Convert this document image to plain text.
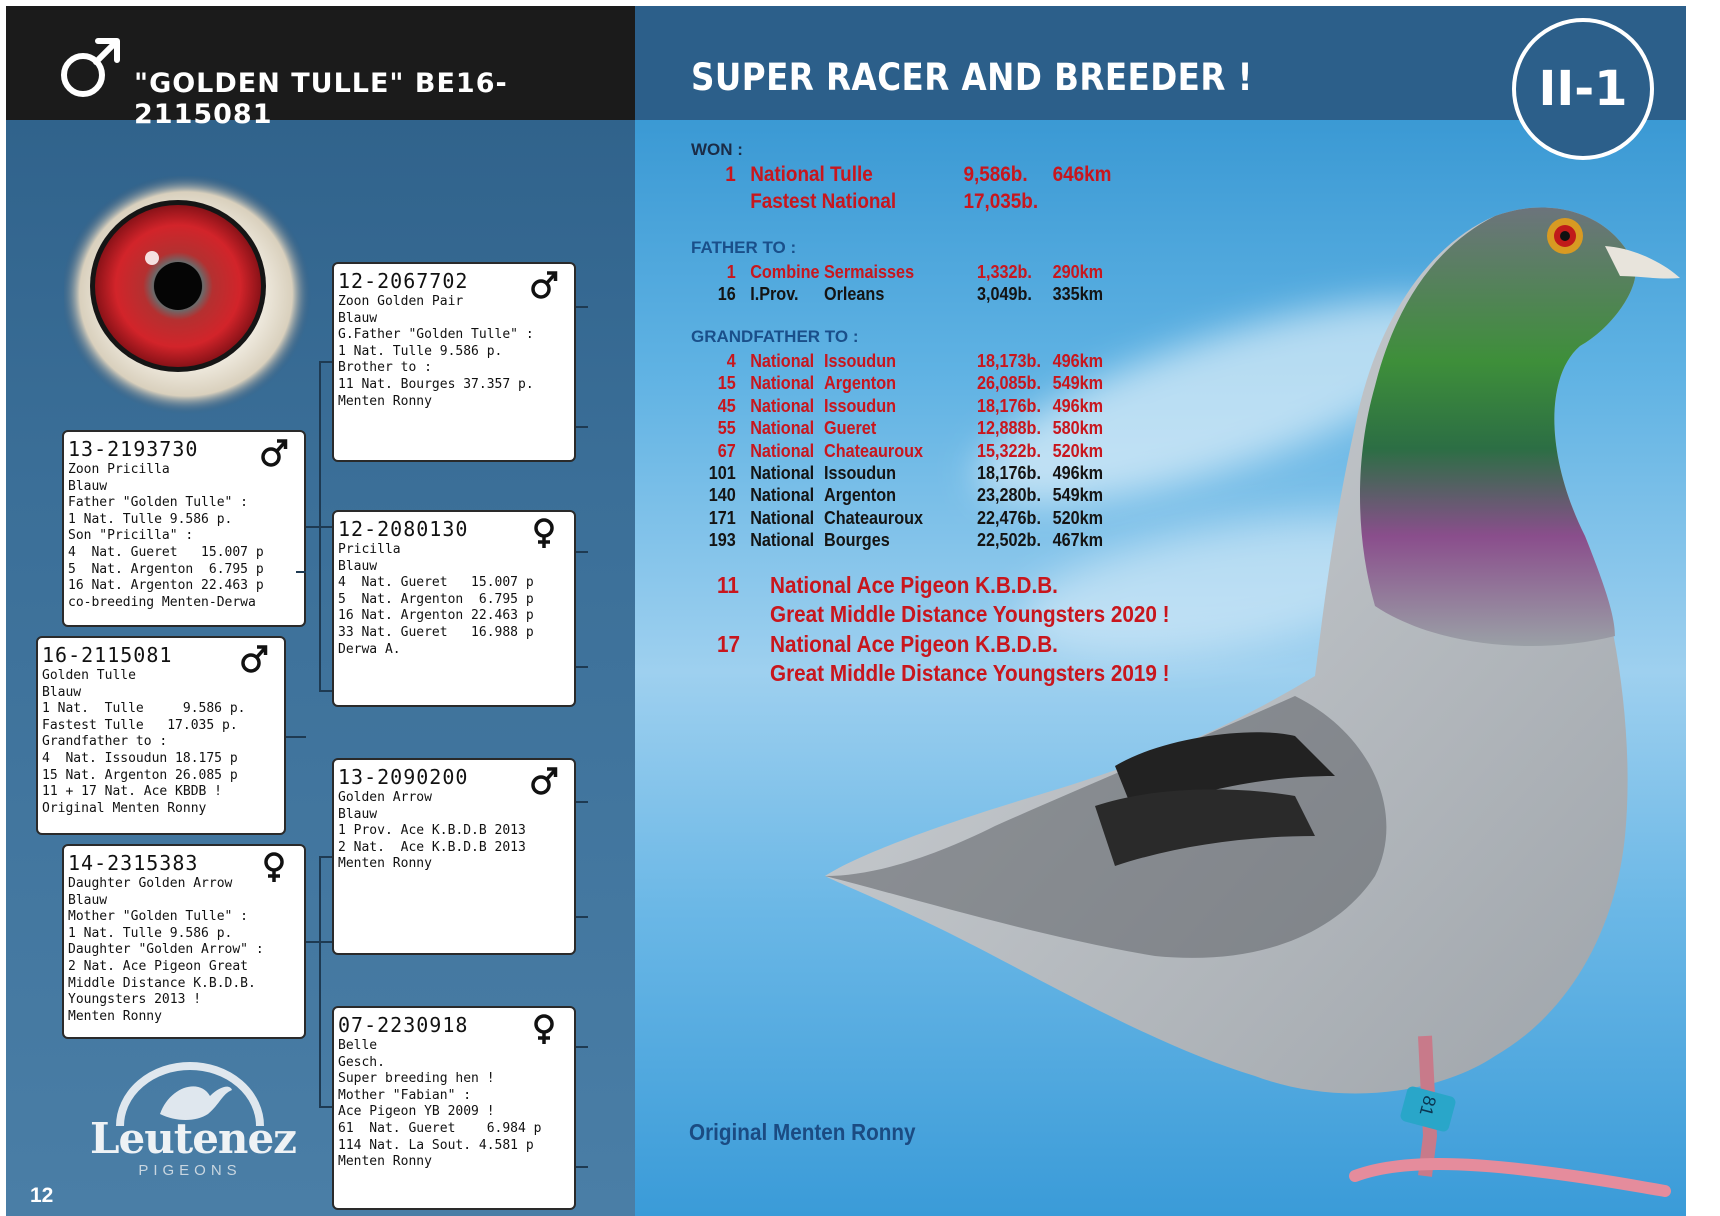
"GOLDEN TULLE" BE16-2115081
12-2067702
Zoon Golden Pair
Blauw
G.Father "Golden Tulle" :
1 Nat. Tulle 9.586 p.
Brother to :
11 Nat. Bourges 37.357 p.
Menten Ronny
13-2193730
Zoon Pricilla
Blauw
Father "Golden Tulle" :
1 Nat. Tulle 9.586 p.
Son "Pricilla" :
4  Nat. Gueret   15.007 p
5  Nat. Argenton  6.795 p
16 Nat. Argenton 22.463 p
co-breeding Menten-Derwa
12-2080130
Pricilla
Blauw
4  Nat. Gueret   15.007 p
5  Nat. Argenton  6.795 p
16 Nat. Argenton 22.463 p
33 Nat. Gueret   16.988 p
Derwa A.
16-2115081
Golden Tulle
Blauw
1 Nat.  Tulle     9.586 p.
Fastest Tulle   17.035 p.
Grandfather to :
4  Nat. Issoudun 18.175 p
15 Nat. Argenton 26.085 p
11 + 17 Nat. Ace KBDB !
Original Menten Ronny
13-2090200
Golden Arrow
Blauw
1 Prov. Ace K.B.D.B 2013
2 Nat.  Ace K.B.D.B 2013
Menten Ronny
14-2315383
Daughter Golden Arrow
Blauw
Mother "Golden Tulle" :
1 Nat. Tulle 9.586 p.
Daughter "Golden Arrow" :
2 Nat. Ace Pigeon Great
Middle Distance K.B.D.B.
Youngsters 2013 !
Menten Ronny	07-2230918
Belle
Gesch.
Super breeding hen !
Mother "Fabian" :
Ace Pigeon YB 2009 !
61  Nat. Gueret    6.984 p
114 Nat. La Sout. 4.581 p
Menten Ronny
Leutenez
PIGEONS
12
81
SUPER RACER AND BREEDER !	II-1
WON :
FATHER TO :
GRANDFATHER TO :
1 National Tulle	9,586b. 646km
Fastest National	17,035b.
1 Combine Sermaisses	1,332b. 290km
16 I.Prov. Orleans	3,049b. 335km
4 National Issoudun	18,173b. 496km
15 National Argenton	26,085b. 549km
45 National Issoudun	18,176b. 496km
55 National Gueret	12,888b. 580km
67 National Chateauroux	15,322b. 520km
101 National Issoudun	18,176b. 496km
140 National Argenton	23,280b. 549km
171 National Chateauroux	22,476b. 520km
193 National Bourges	22,502b. 467km
11 National Ace Pigeon K.B.D.B.
Great Middle Distance Youngsters 2020 !
17 National Ace Pigeon K.B.D.B.
Great Middle Distance Youngsters 2019 !
Original Menten Ronny
